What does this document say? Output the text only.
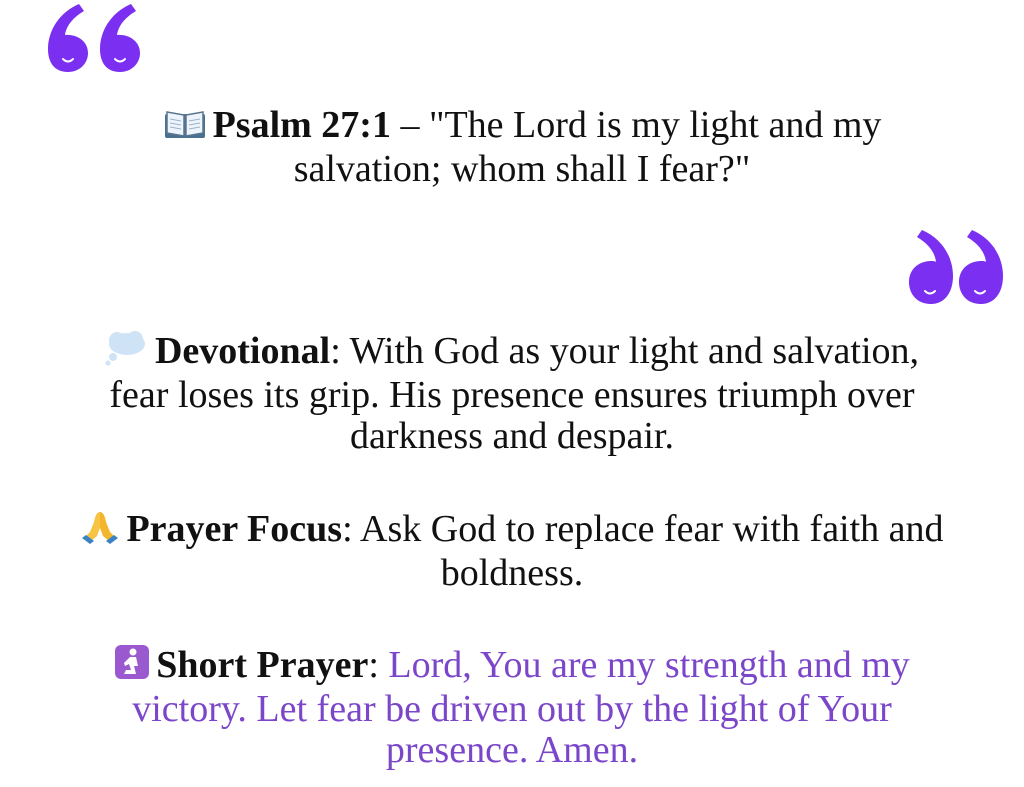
Psalm 27:1 – "The Lord is my light and my
salvation; whom shall I fear?"
Devotional: With God as your light and salvation,
fear loses its grip. His presence ensures triumph over
darkness and despair.
Prayer Focus: Ask God to replace fear with faith and
boldness.
Short Prayer: Lord, You are my strength and my
victory. Let fear be driven out by the light of Your
presence. Amen.
